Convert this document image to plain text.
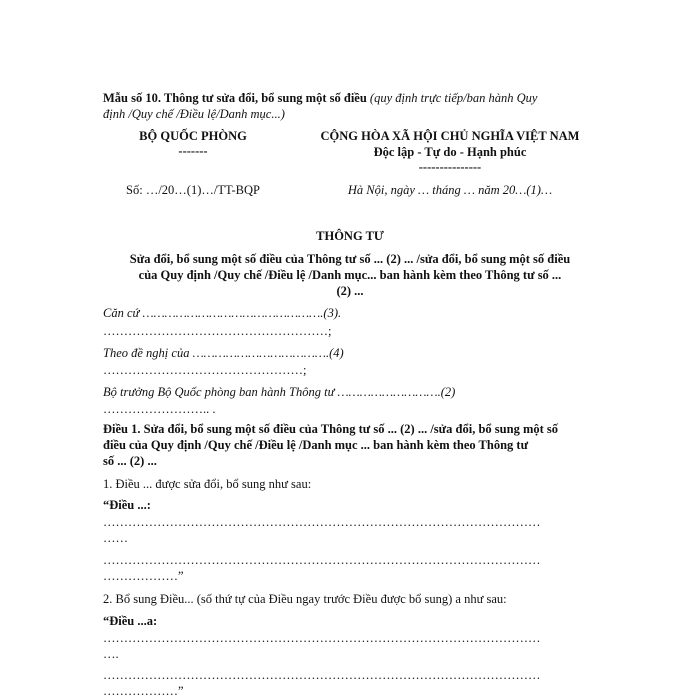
Mẫu số 10. Thông tư sửa đổi, bổ sung một số điều (quy định trực tiếp/ban hành Quy
định /Quy chế /Điều lệ/Danh mục...)
BỘ QUỐC PHÒNG
-------
CỘNG HÒA XÃ HỘI CHỦ NGHĨA VIỆT NAM
Độc lập - Tự do - Hạnh phúc
---------------
Số: …/20…(1)…/TT-BQP	Hà Nội, ngày … tháng … năm 20…(1)…
THÔNG TƯ
Sửa đổi, bổ sung một số điều của Thông tư số ... (2) ... /sửa đổi, bổ sung một số điều
của Quy định /Quy chế /Điều lệ /Danh mục... ban hành kèm theo Thông tư số ...
(2) ...
Căn cứ ………………………………………….(3).
………………………………………………;
Theo đề nghị của ……………………………….(4)
…………………………………………;
Bộ trưởng Bộ Quốc phòng ban hành Thông tư ……………………….(2)
…………………….. .
Điều 1. Sửa đổi, bổ sung một số điều của Thông tư số ... (2) ... /sửa đổi, bổ sung một số
điều của Quy định /Quy chế /Điều lệ /Danh mục ... ban hành kèm theo Thông tư
số ... (2) ...
1. Điều ... được sửa đổi, bổ sung như sau:
“Điều ...:
……………………………………………………………………………………………
……
……………………………………………………………………………………………
………………”
2. Bổ sung Điều... (số thứ tự của Điều ngay trước Điều được bổ sung) a như sau:
“Điều ...a:
……………………………………………………………………………………………
….
……………………………………………………………………………………………
………………”
